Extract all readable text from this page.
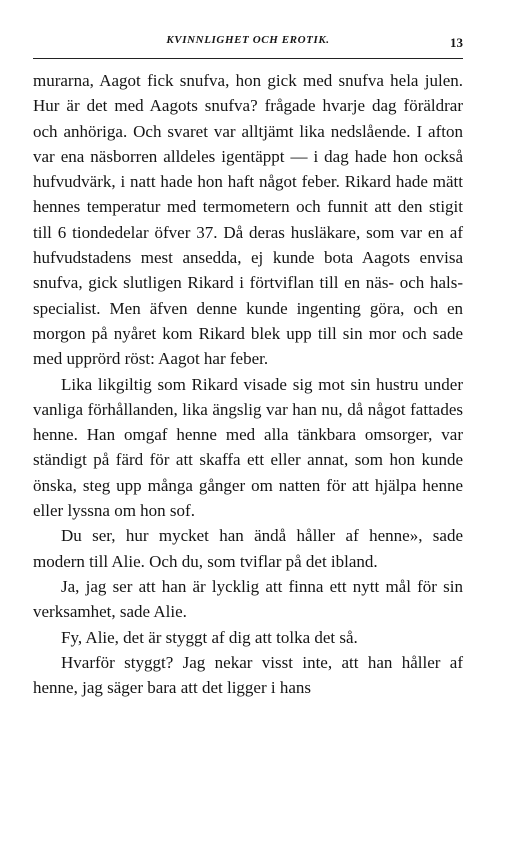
KVINNLIGHET OCH EROTIK.	13

murarna, Aagot fick snufva, hon gick med snufva hela julen. Hur är det med Aagots snufva? frågade hvarje dag föräldrar och anhöriga. Och svaret var alltjämt lika nedslående. I afton var ena näsborren alldeles igentäppt — i dag hade hon också hufvudvärk, i natt hade hon haft något feber. Rikard hade mätt hennes temperatur med termometern och funnit att den stigit till 6 tiondedelar öfver 37. Då deras husläkare, som var en af hufvudstadens mest ansedda, ej kunde bota Aagots envisa snufva, gick slutligen Rikard i förtviflan till en näs- och hals-specialist. Men äfven denne kunde ingenting göra, och en morgon på nyåret kom Rikard blek upp till sin mor och sade med upprörd röst: Aagot har feber.

Lika likgiltig som Rikard visade sig mot sin hustru under vanliga förhållanden, lika ängslig var han nu, då något fattades henne. Han omgaf henne med alla tänkbara omsorger, var ständigt på färd för att skaffa ett eller annat, som hon kunde önska, steg upp många gånger om natten för att hjälpa henne eller lyssna om hon sof.

Du ser, hur mycket han ändå håller af henne», sade modern till Alie. Och du, som tviflar på det ibland.

Ja, jag ser att han är lycklig att finna ett nytt mål för sin verksamhet, sade Alie.

Fy, Alie, det är styggt af dig att tolka det så.

Hvarför styggt? Jag nekar visst inte, att han håller af henne, jag säger bara att det ligger i hans
